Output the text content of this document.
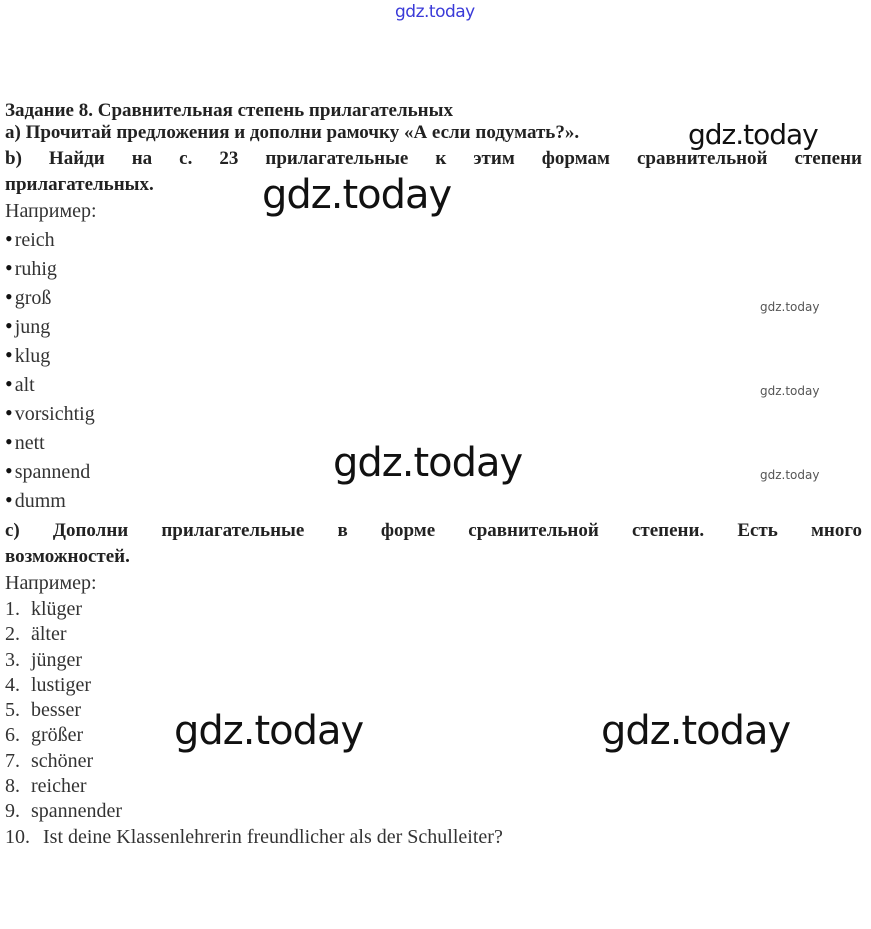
gdz.today
Задание 8. Сравнительная степень прилагательных
а) Прочитай предложения и дополни рамочку «А если подумать?».
b) Найди на с. 23 прилагательные к этим формам сравнительной степени
прилагательных.
Например:
• reich
• ruhig
• groß
• jung
• klug
• alt
• vorsichtig
• nett
• spannend
• dumm
с) Дополни прилагательные в форме сравнительной степени. Есть много
возможностей.
Например:
1. klüger
2. älter
3. jünger
4. lustiger
5. besser
6. größer
7. schöner
8. reicher
9. spannender
10. Ist deine Klassenlehrerin freundlicher als der Schulleiter?
gdz.today
gdz.today
gdz.today
gdz.today
gdz.today	gdz.today
gdz.today	gdz.today
